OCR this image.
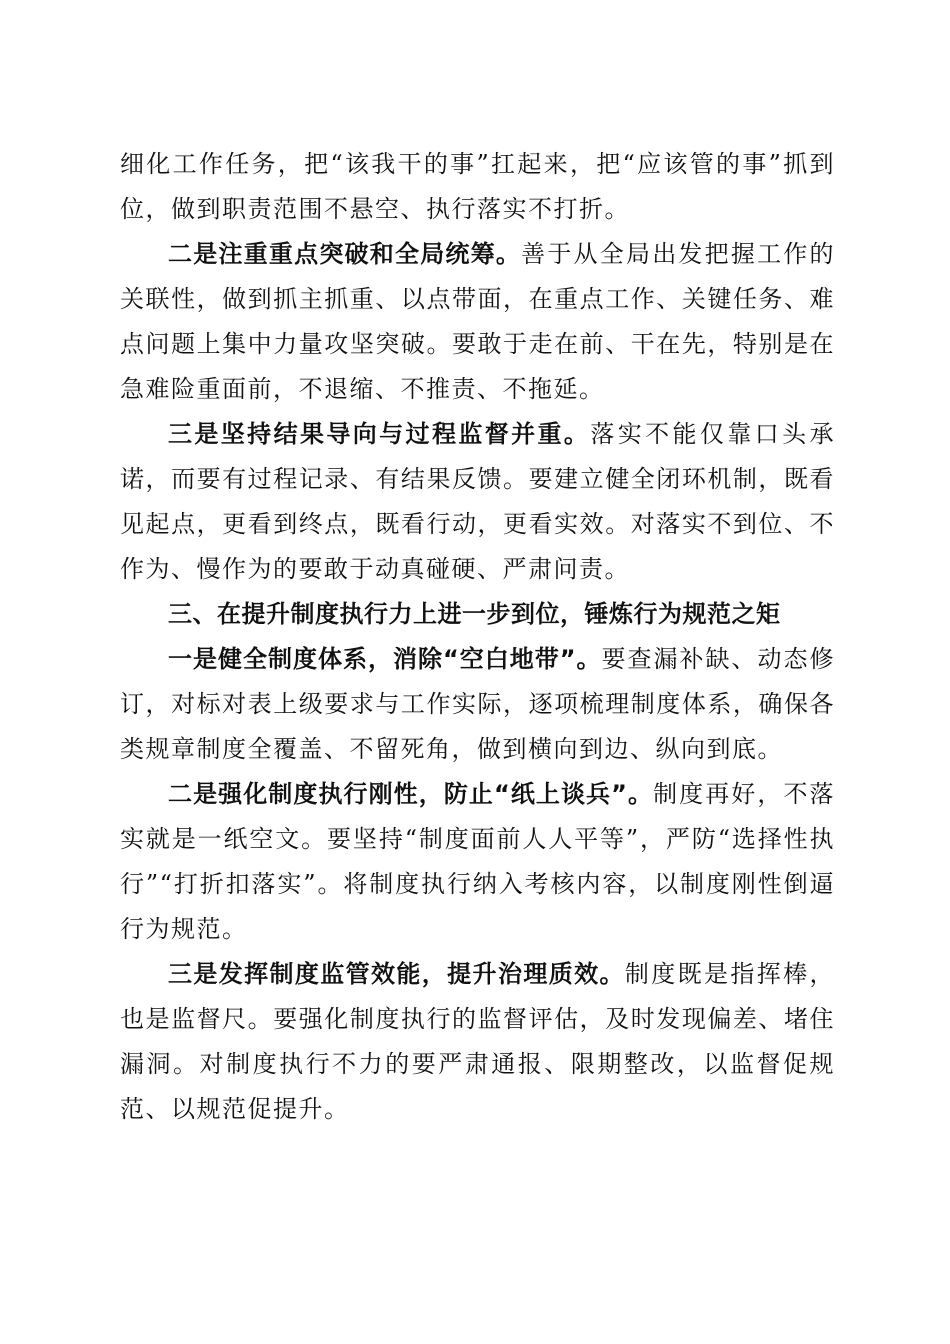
细化工作任务，把“该我干的事”扛起来，把“应该管的事”抓到位，做到职责范围不悬空、执行落实不打折。

二是注重重点突破和全局统筹。善于从全局出发把握工作的关联性，做到抓主抓重、以点带面，在重点工作、关键任务、难点问题上集中力量攻坚突破。要敢于走在前、干在先，特别是在急难险重面前，不退缩、不推责、不拖延。

三是坚持结果导向与过程监督并重。落实不能仅靠口头承诺，而要有过程记录、有结果反馈。要建立健全闭环机制，既看见起点，更看到终点，既看行动，更看实效。对落实不到位、不作为、慢作为的要敢于动真碰硬、严肃问责。

三、在提升制度执行力上进一步到位，锤炼行为规范之矩

一是健全制度体系，消除“空白地带”。要查漏补缺、动态修订，对标对表上级要求与工作实际，逐项梳理制度体系，确保各类规章制度全覆盖、不留死角，做到横向到边、纵向到底。

二是强化制度执行刚性，防止“纸上谈兵”。制度再好，不落实就是一纸空文。要坚持“制度面前人人平等”，严防“选择性执行”“打折扣落实”。将制度执行纳入考核内容，以制度刚性倒逼行为规范。

三是发挥制度监管效能，提升治理质效。制度既是指挥棒，也是监督尺。要强化制度执行的监督评估，及时发现偏差、堵住漏洞。对制度执行不力的要严肃通报、限期整改，以监督促规范、以规范促提升。
